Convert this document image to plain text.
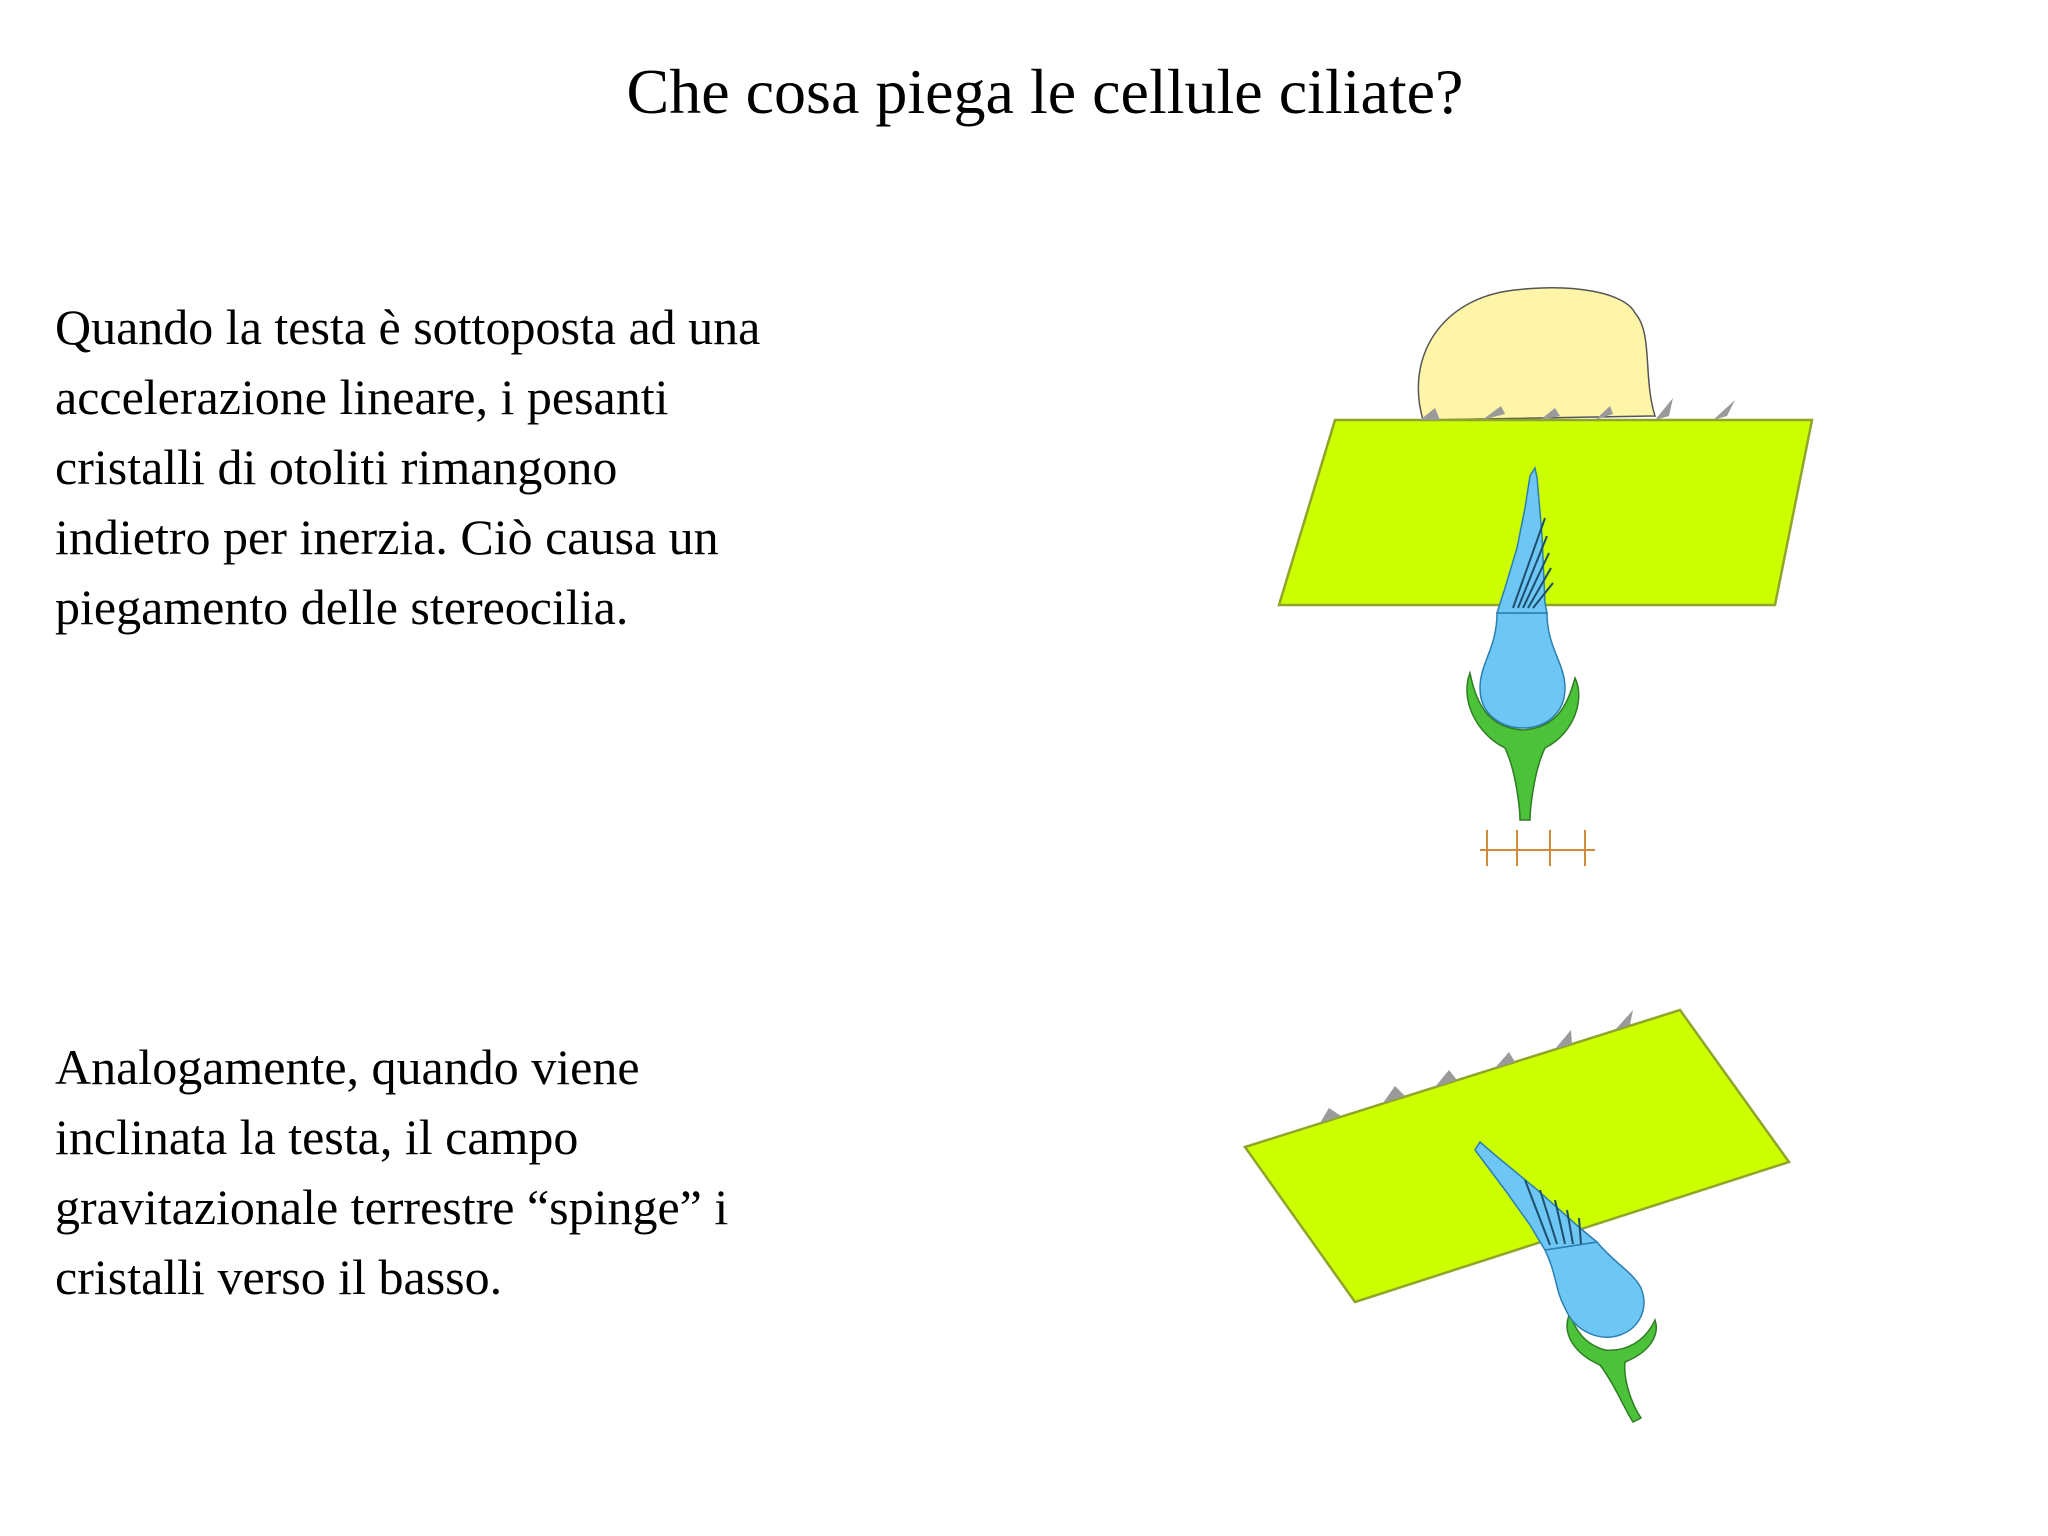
Che cosa piega le cellule ciliate?
Quando la testa è sottoposta ad una
accelerazione lineare, i pesanti
cristalli di otoliti rimangono
indietro per inerzia. Ciò causa un
piegamento delle stereocilia.
Analogamente, quando viene
inclinata la testa, il campo
gravitazionale terrestre “spinge” i
cristalli verso il basso.
